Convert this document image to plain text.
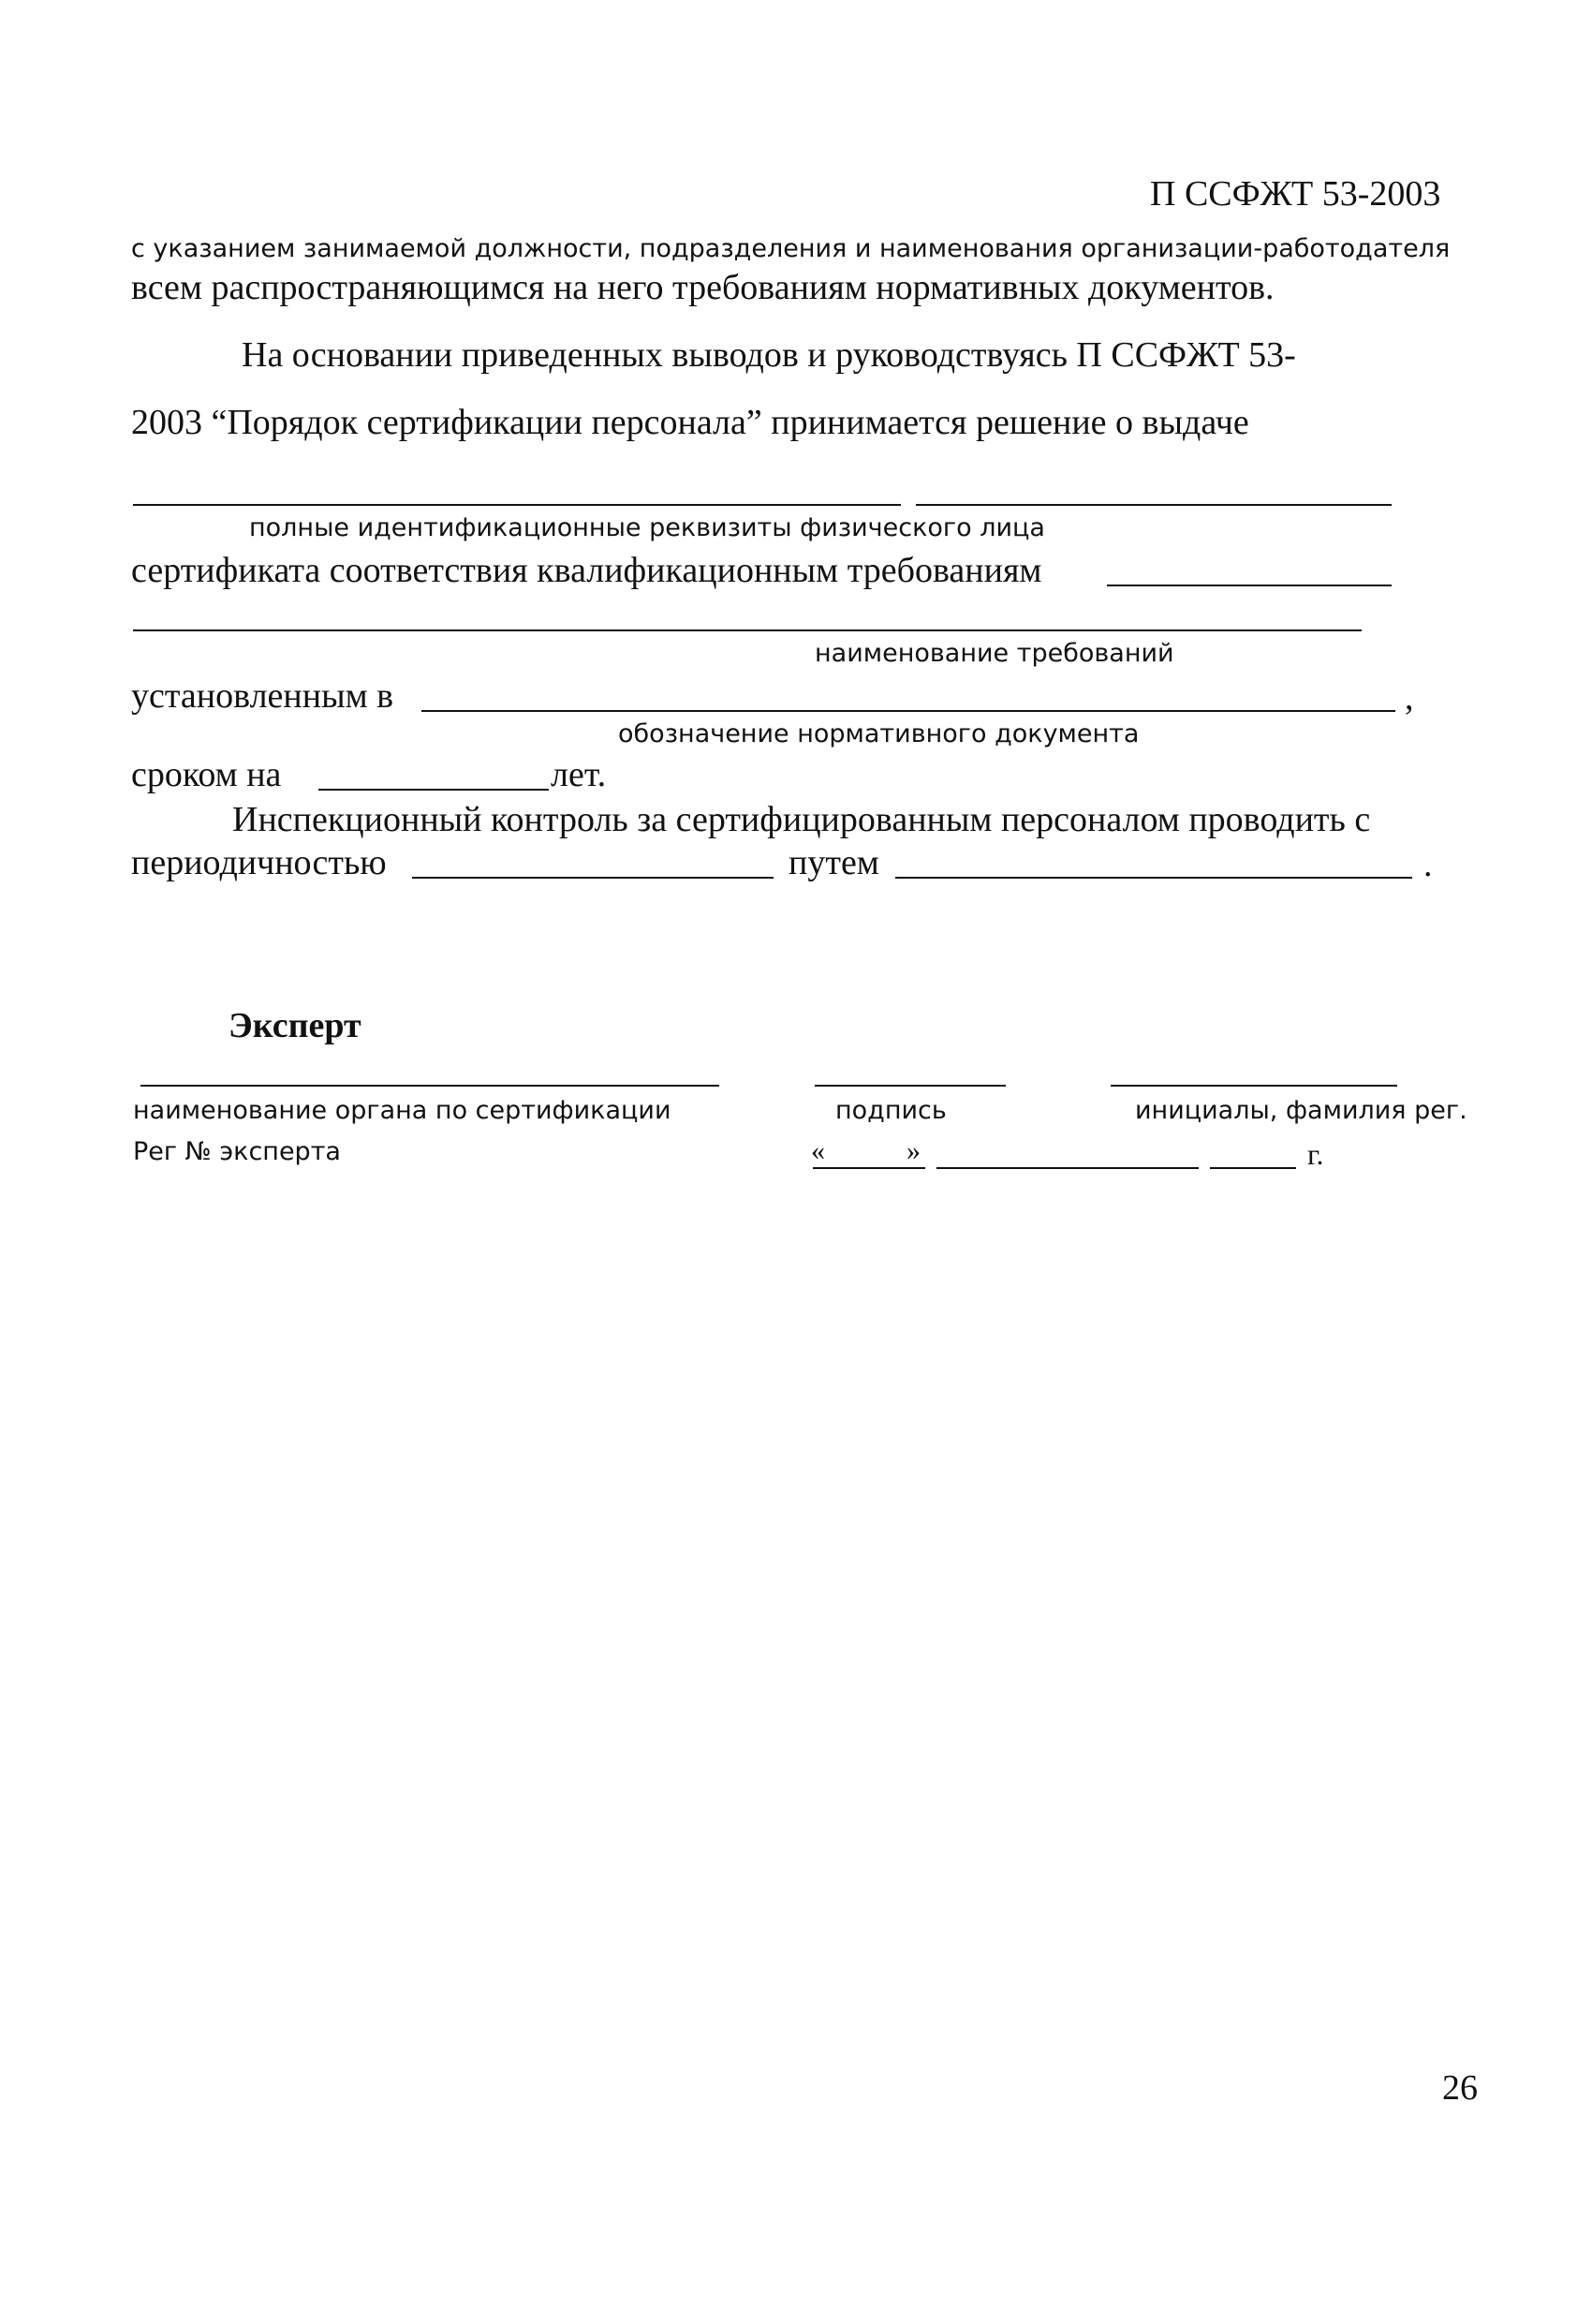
П ССФЖТ 53-2003
с указанием занимаемой должности, подразделения и наименования организации-работодателя
всем распространяющимся на него требованиям нормативных документов.
На основании приведенных выводов и руководствуясь П ССФЖТ 53-
2003 “Порядок сертификации персонала” принимается решение о выдаче
полные идентификационные реквизиты физического лица
сертификата соответствия квалификационным требованиям
наименование требований
установленным в	,
обозначение нормативного документа
сроком на	лет.
Инспекционный контроль за сертифицированным персоналом проводить с
периодичностью	путем	.
Эксперт
наименование органа по сертификации	подпись	инициалы, фамилия рег.
Рег № эксперта	«	»	г.
26
